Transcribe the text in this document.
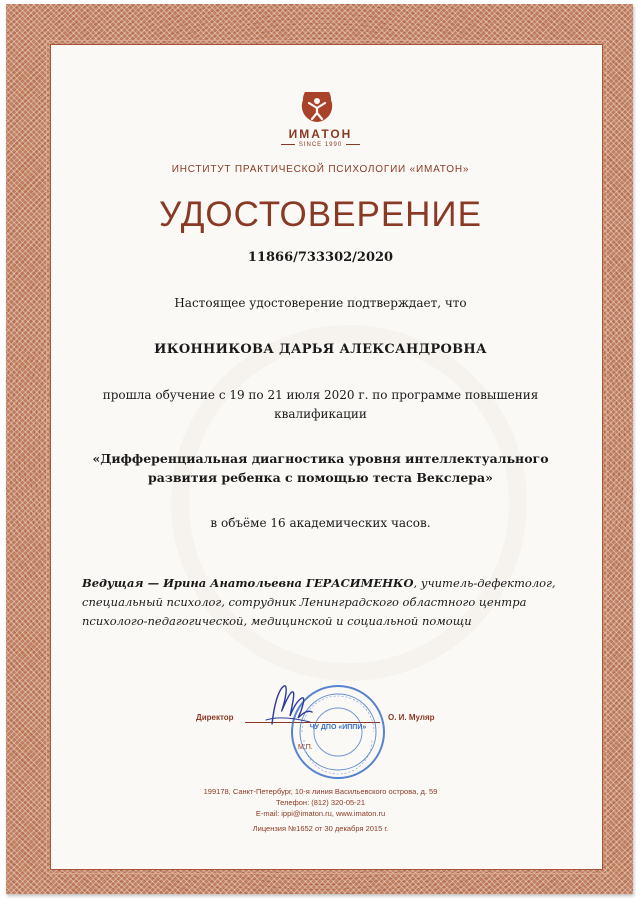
ИМАТОН
SINCE 1990
ИНСТИТУТ ПРАКТИЧЕСКОЙ ПСИХОЛОГИИ «ИМАТОН»
УДОСТОВЕРЕНИЕ
11866/733302/2020
Настоящее удостоверение подтверждает, что
ИКОННИКОВА ДАРЬЯ АЛЕКСАНДРОВНА
прошла обучение с 19 по 21 июля 2020 г. по программе повышения квалификации
«Дифференциальная диагностика уровня интеллектуального развития ребенка с помощью теста Векслера»
в объёме 16 академических часов.
Ведущая — Ирина Анатольевна ГЕРАСИМЕНКО, учитель-дефектолог, специальный психолог, сотрудник Ленинградского областного центра психолого-педагогической, медицинской и социальной помощи
Директор	О. И. Муляр
ЧУ ДПО «ИППИ»
М.П.
199178, Санкт-Петербург, 10-я линия Васильевского острова, д. 59
Телефон: (812) 320-05-21
E-mail: ippi@imaton.ru, www.imaton.ru
Лицензия №1652 от 30 декабря 2015 г.
